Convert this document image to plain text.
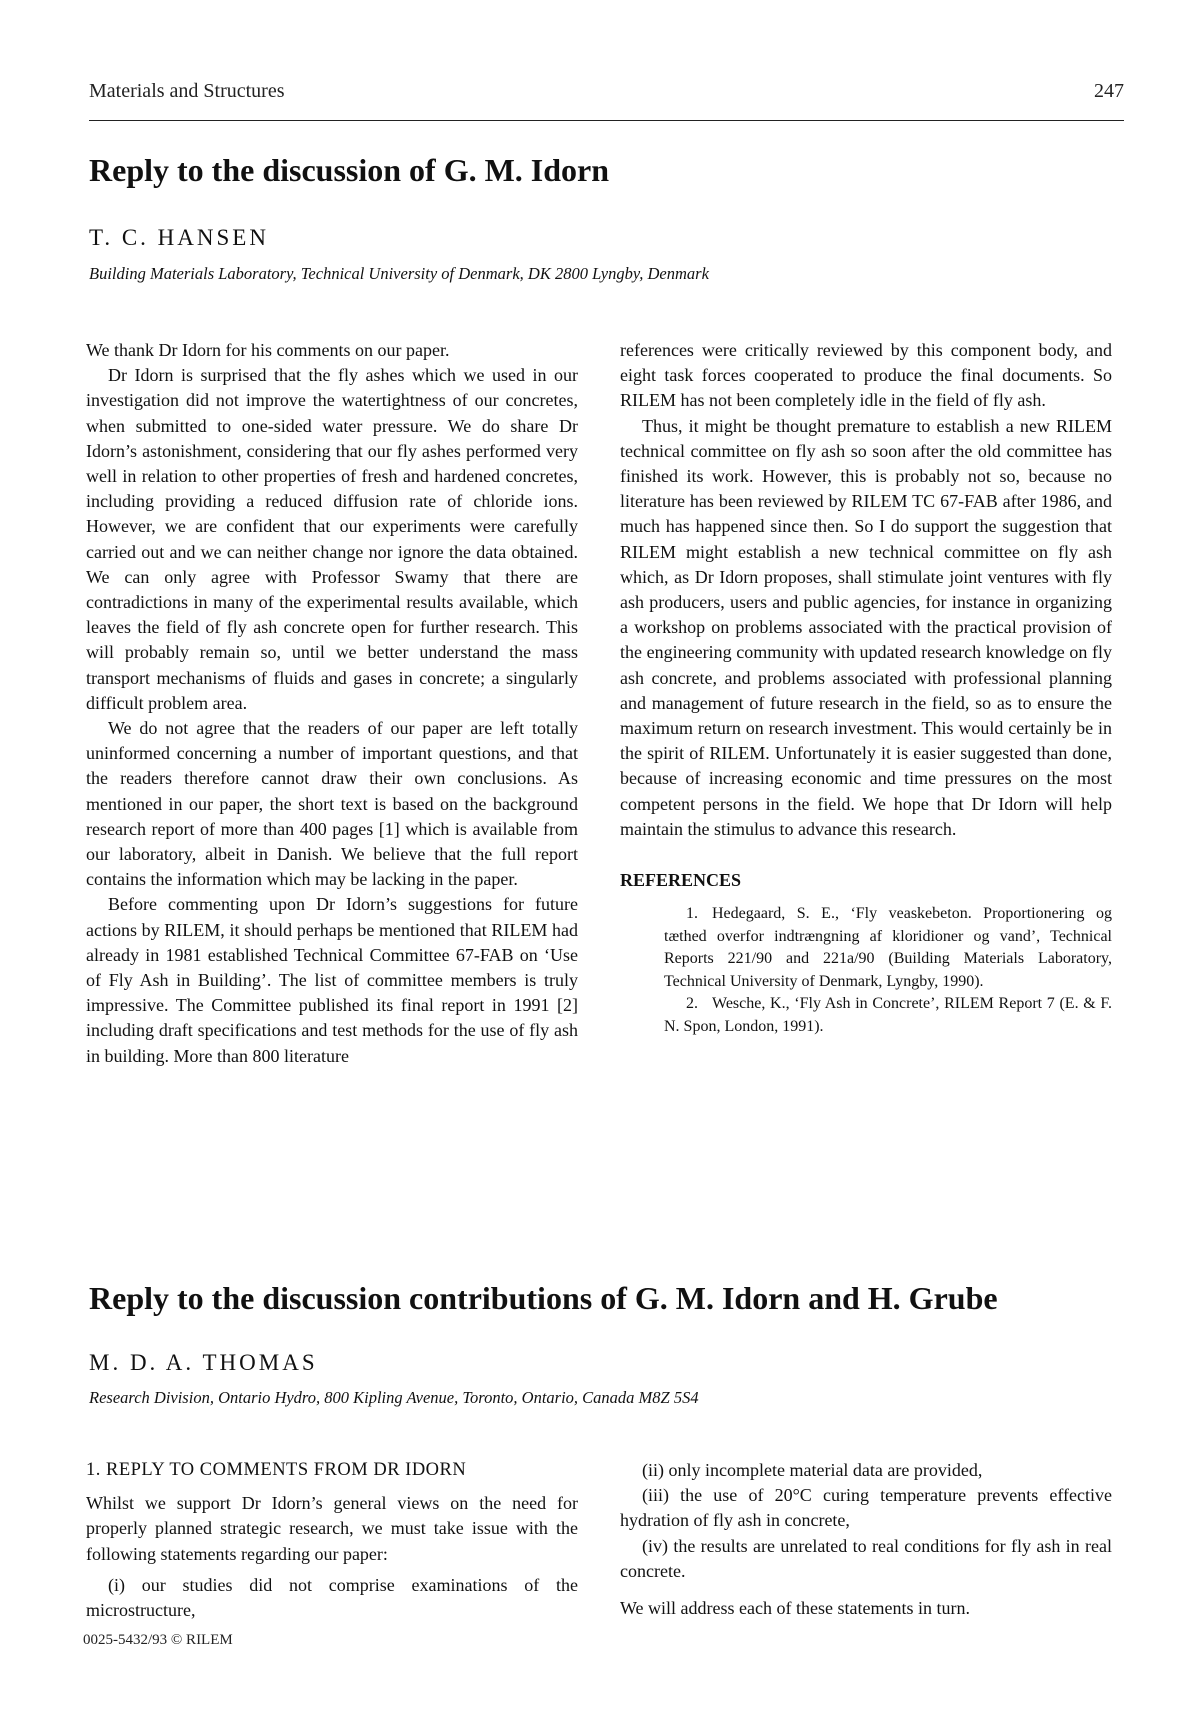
Materials and Structures	247
Reply to the discussion of G. M. Idorn
T. C. HANSEN
Building Materials Laboratory, Technical University of Denmark, DK 2800 Lyngby, Denmark

We thank Dr Idorn for his comments on our paper.

Dr Idorn is surprised that the fly ashes which we used in our investigation did not improve the watertightness of our concretes, when submitted to one-sided water pressure. We do share Dr Idorn’s astonishment, considering that our fly ashes performed very well in relation to other properties of fresh and hardened concretes, including providing a reduced diffusion rate of chloride ions. However, we are confident that our experiments were carefully carried out and we can neither change nor ignore the data obtained. We can only agree with Professor Swamy that there are contradictions in many of the experimental results available, which leaves the field of fly ash concrete open for further research. This will probably remain so, until we better understand the mass transport mechanisms of fluids and gases in concrete; a singularly difficult problem area.

We do not agree that the readers of our paper are left totally uninformed concerning a number of important questions, and that the readers therefore cannot draw their own conclusions. As mentioned in our paper, the short text is based on the background research report of more than 400 pages [1] which is available from our laboratory, albeit in Danish. We believe that the full report contains the information which may be lacking in the paper.

Before commenting upon Dr Idorn’s suggestions for future actions by RILEM, it should perhaps be mentioned that RILEM had already in 1981 established Technical Committee 67-FAB on ‘Use of Fly Ash in Building’. The list of committee members is truly impressive. The Committee published its final report in 1991 [2] including draft specifications and test methods for the use of fly ash in building. More than 800 literature

references were critically reviewed by this component body, and eight task forces cooperated to produce the final documents. So RILEM has not been completely idle in the field of fly ash.

Thus, it might be thought premature to establish a new RILEM technical committee on fly ash so soon after the old committee has finished its work. However, this is probably not so, because no literature has been reviewed by RILEM TC 67-FAB after 1986, and much has happened since then. So I do support the suggestion that RILEM might establish a new technical committee on fly ash which, as Dr Idorn proposes, shall stimulate joint ventures with fly ash producers, users and public agencies, for instance in organizing a workshop on problems associated with the practical provision of the engineering community with updated research knowledge on fly ash concrete, and problems associated with professional planning and management of future research in the field, so as to ensure the maximum return on research investment. This would certainly be in the spirit of RILEM. Unfortunately it is easier suggested than done, because of increasing economic and time pressures on the most competent persons in the field. We hope that Dr Idorn will help maintain the stimulus to advance this research.

REFERENCES

1. Hedegaard, S. E., ‘Fly veaskebeton. Proportionering og tæthed overfor indtrængning af kloridioner og vand’, Technical Reports 221/90 and 221a/90 (Building Materials Laboratory, Technical University of Denmark, Lyngby, 1990).

2. Wesche, K., ‘Fly Ash in Concrete’, RILEM Report 7 (E. & F. N. Spon, London, 1991).

Reply to the discussion contributions of G. M. Idorn and H. Grube
M. D. A. THOMAS
Research Division, Ontario Hydro, 800 Kipling Avenue, Toronto, Ontario, Canada M8Z 5S4
1. REPLY TO COMMENTS FROM DR IDORN

Whilst we support Dr Idorn’s general views on the need for properly planned strategic research, we must take issue with the following statements regarding our paper:

(i) our studies did not comprise examinations of the microstructure,

(ii) only incomplete material data are provided,

(iii) the use of 20°C curing temperature prevents effective hydration of fly ash in concrete,

(iv) the results are unrelated to real conditions for fly ash in real concrete.

We will address each of these statements in turn.

0025-5432/93 © RILEM
